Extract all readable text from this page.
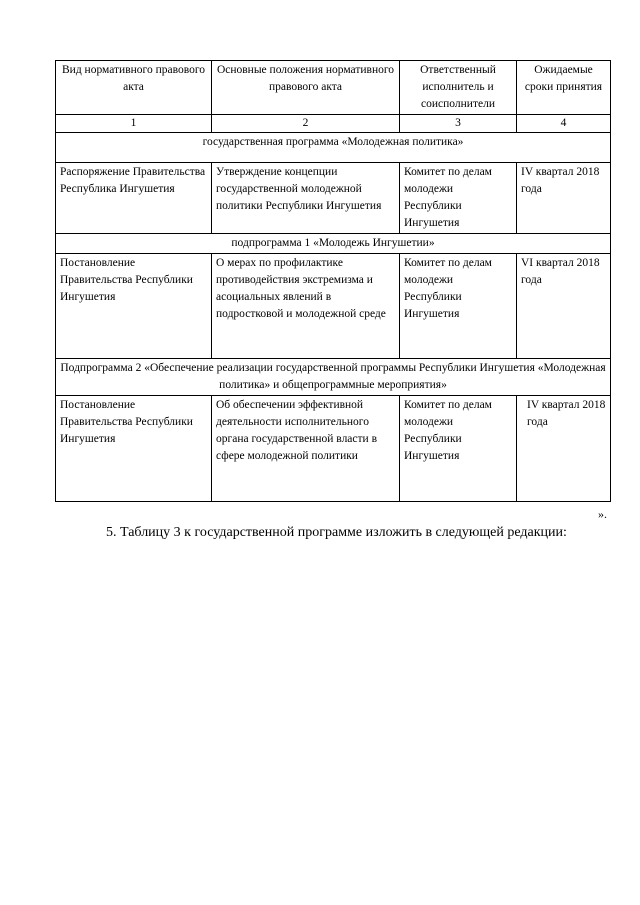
Вид нормативного правового акта	Основные положения нормативного правового акта	Ответственный исполнитель и соисполнители	Ожидаемые сроки принятия
1	2	3	4
государственная программа «Молодежная политика»			
Распоряжение Правительства Республика Ингушетия	Утверждение концепции государственной молодежной политики Республики Ингушетия	Комитет по делам молодежи Республики Ингушетия	IV квартал 2018 года
подпрограмма 1 «Молодежь Ингушетии»			
Постановление Правительства Республики Ингушетия	О мерах по профилактике противодействия экстремизма и асоциальных явлений в подростковой и молодежной среде	Комитет по делам молодежи Республики Ингушетия	VI квартал 2018 года
Подпрограмма 2 «Обеспечение реализации государственной программы Республики Ингушетия «Молодежная политика» и общепрограммные мероприятия»			
Постановление Правительства Республики Ингушетия	Об обеспечении эффективной деятельности исполнительного органа государственной власти в сфере молодежной политики	Комитет по делам молодежи Республики Ингушетия	IV квартал 2018 года
».
5. Таблицу 3 к государственной программе изложить в следующей редакции:
